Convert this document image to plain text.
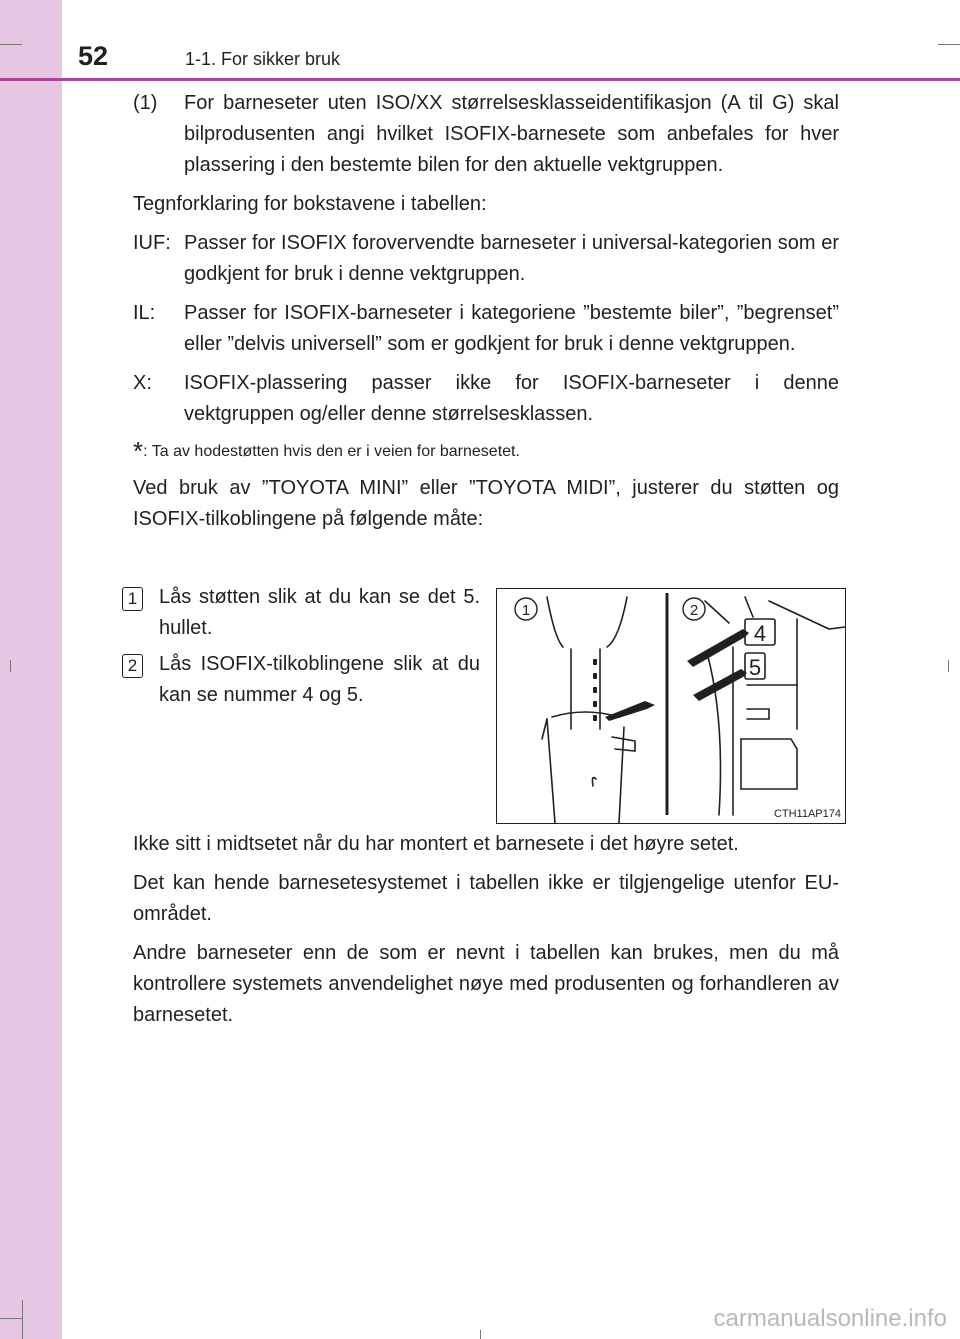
52	1-1. For sikker bruk
(1)	For barneseter uten ISO/XX størrelsesklasseidentifikasjon (A til G) skal bilprodusenten angi hvilket ISOFIX-barnesete som anbefales for hver plassering i den bestemte bilen for den aktuelle vektgruppen.

Tegnforklaring for bokstavene i tabellen:

IUF: Passer for ISOFIX forovervendte barneseter i universal-kategorien som er godkjent for bruk i denne vektgruppen.
IL:	Passer for ISOFIX-barneseter i kategoriene ”bestemte biler”, ”begrenset” eller ”delvis universell” som er godkjent for bruk i denne vektgruppen.
X:	ISOFIX-plassering passer ikke for ISOFIX-barneseter i denne vektgruppen og/eller denne størrelsesklassen.

*: Ta av hodestøtten hvis den er i veien for barnesetet.

Ved bruk av ”TOYOTA MINI” eller ”TOYOTA MIDI”, justerer du støtten og ISOFIX-tilkoblingene på følgende måte:

1 Lås støtten slik at du kan se det 5. hullet.
2 Lås ISOFIX-tilkoblingene slik at du kan se nummer 4 og 5.
1	2
4
5
CTH11AP174

Ikke sitt i midtsetet når du har montert et barnesete i det høyre setet.

Det kan hende barnesetesystemet i tabellen ikke er tilgjengelige utenfor EU-området.

Andre barneseter enn de som er nevnt i tabellen kan brukes, men du må kontrollere systemets anvendelighet nøye med produsenten og forhandleren av barnesetet.

carmanualsonline.info
